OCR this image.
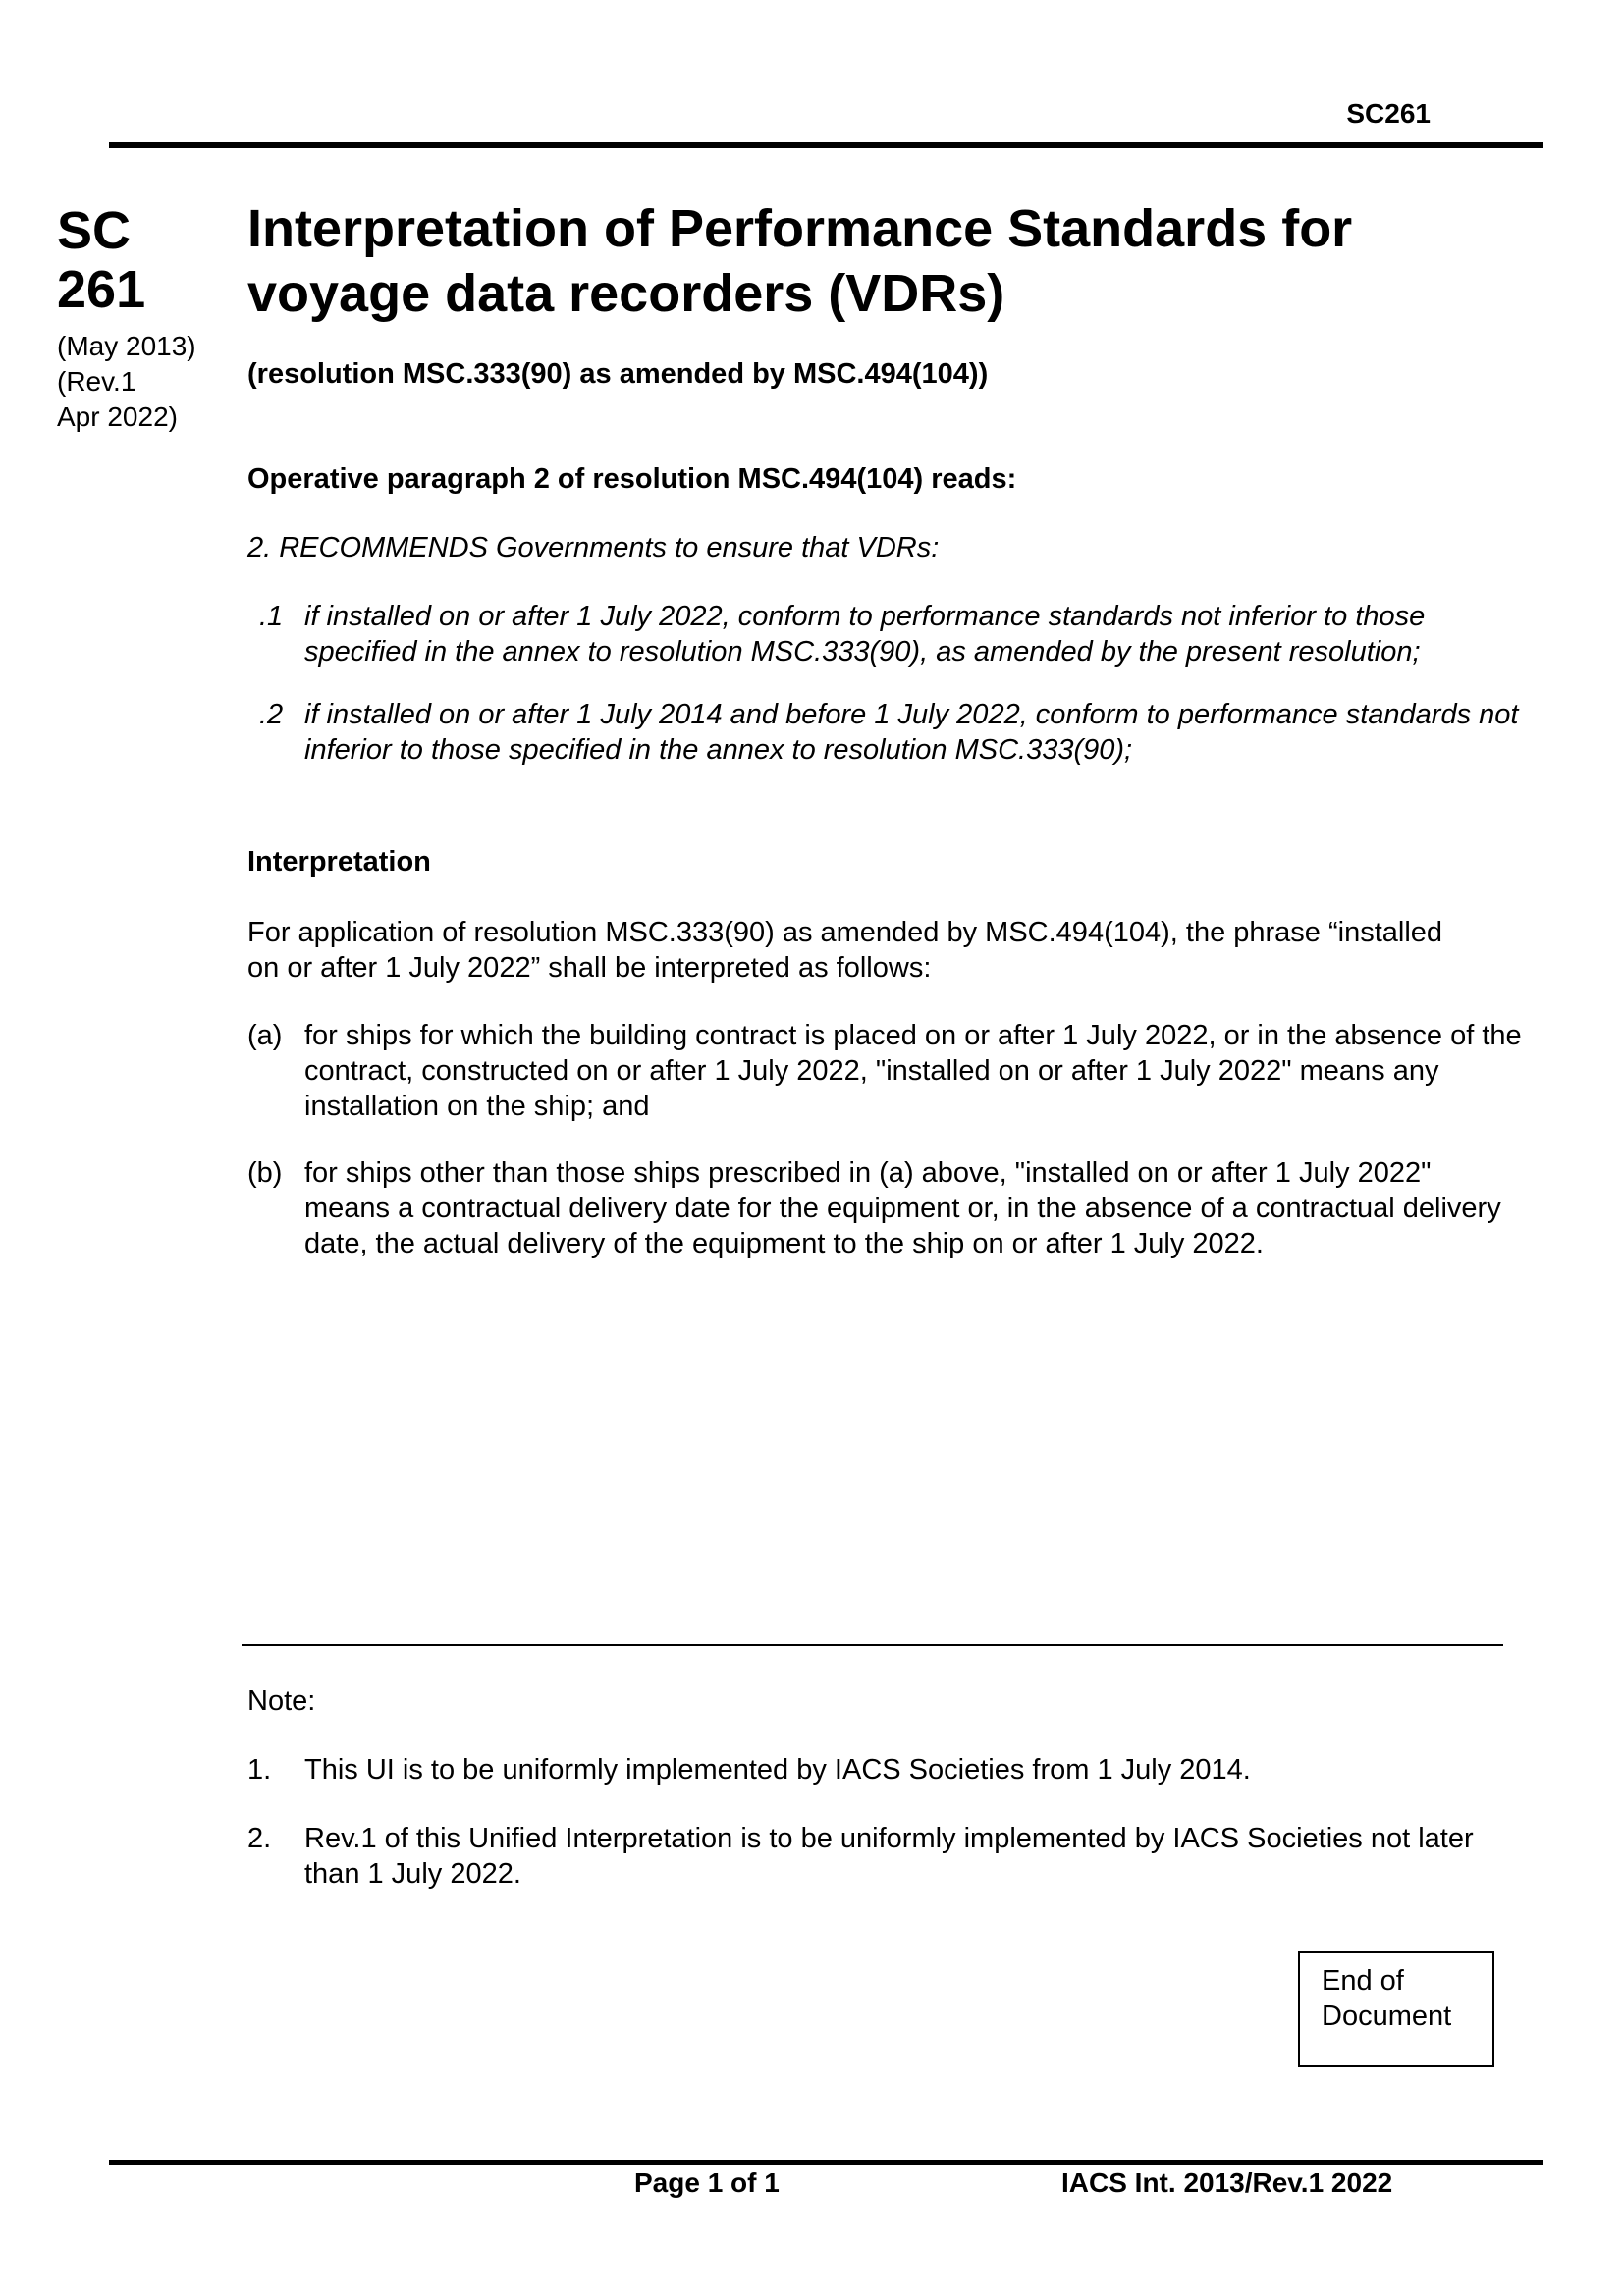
SC261
SC
261
(May 2013)
(Rev.1
Apr 2022)
Interpretation of Performance Standards for
voyage data recorders (VDRs)
(resolution MSC.333(90) as amended by MSC.494(104))
Operative paragraph 2 of resolution MSC.494(104) reads:
2. RECOMMENDS Governments to ensure that VDRs:
.1 if installed on or after 1 July 2022, conform to performance standards not inferior to those specified in the annex to resolution MSC.333(90), as amended by the present resolution;
.2 if installed on or after 1 July 2014 and before 1 July 2022, conform to performance standards not inferior to those specified in the annex to resolution MSC.333(90);
Interpretation
For application of resolution MSC.333(90) as amended by MSC.494(104), the phrase “installed on or after 1 July 2022” shall be interpreted as follows:
(a) for ships for which the building contract is placed on or after 1 July 2022, or in the absence of the contract, constructed on or after 1 July 2022, "installed on or after 1 July 2022" means any installation on the ship; and
(b) for ships other than those ships prescribed in (a) above, "installed on or after 1 July 2022" means a contractual delivery date for the equipment or, in the absence of a contractual delivery date, the actual delivery of the equipment to the ship on or after 1 July 2022.
Note:
1. This UI is to be uniformly implemented by IACS Societies from 1 July 2014.
2. Rev.1 of this Unified Interpretation is to be uniformly implemented by IACS Societies not later than 1 July 2022.
End of
Document
Page 1 of 1	IACS Int. 2013/Rev.1 2022
